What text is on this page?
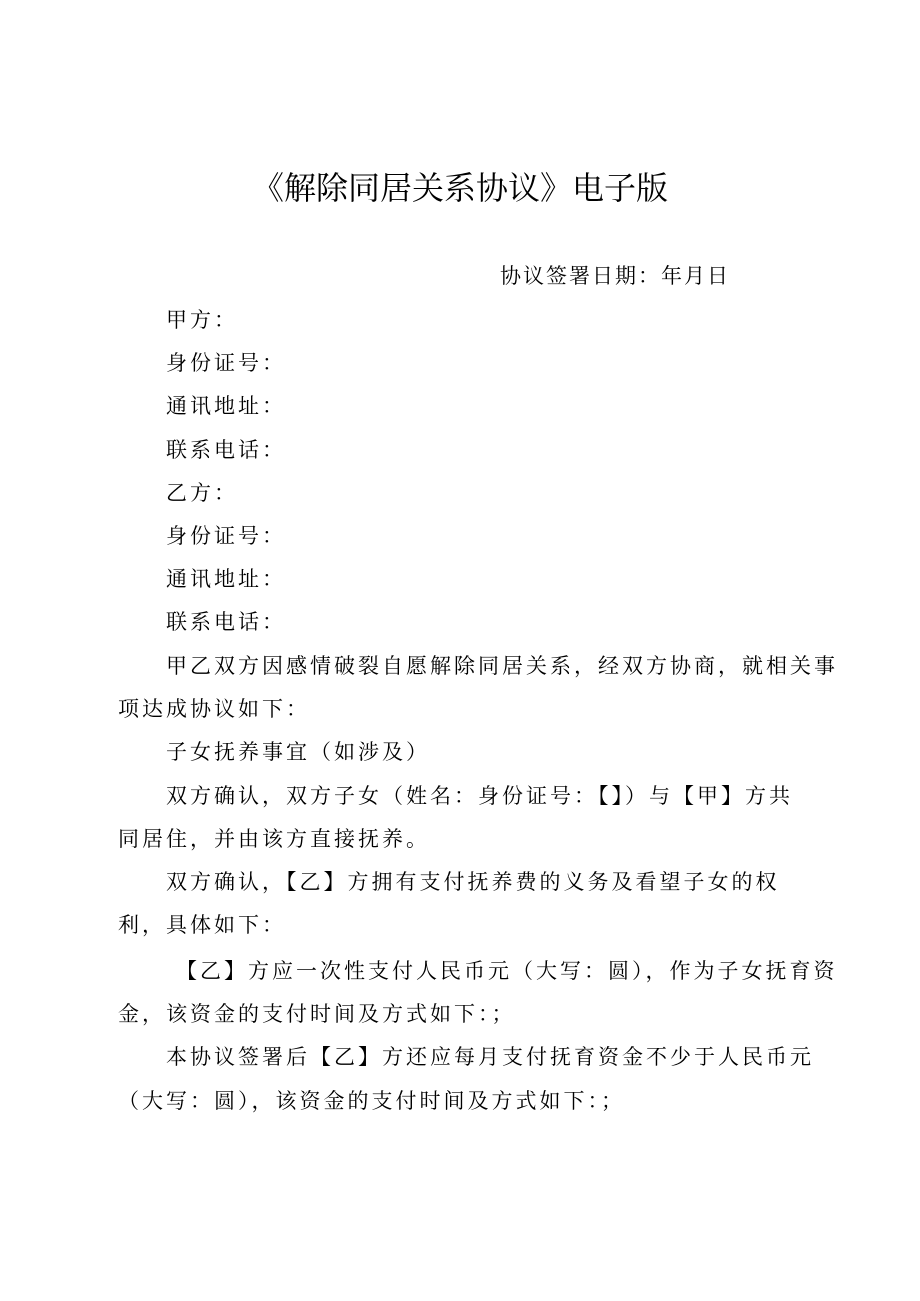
《解除同居关系协议》电子版
协议签署日期：年月日
甲方：
身份证号：
通讯地址：
联系电话：
乙方：
身份证号：
通讯地址：
联系电话：
甲乙双方因感情破裂自愿解除同居关系，经双方协商，就相关事
项达成协议如下：
子女抚养事宜（如涉及）
双方确认，双方子女（姓名：身份证号：【】）与【甲】方共
同居住，并由该方直接抚养。
双方确认，【乙】方拥有支付抚养费的义务及看望子女的权
利，具体如下：
【乙】方应一次性支付人民币元（大写：圆），作为子女抚育资
金，该资金的支付时间及方式如下：；
本协议签署后【乙】方还应每月支付抚育资金不少于人民币元
（大写：圆），该资金的支付时间及方式如下：；
